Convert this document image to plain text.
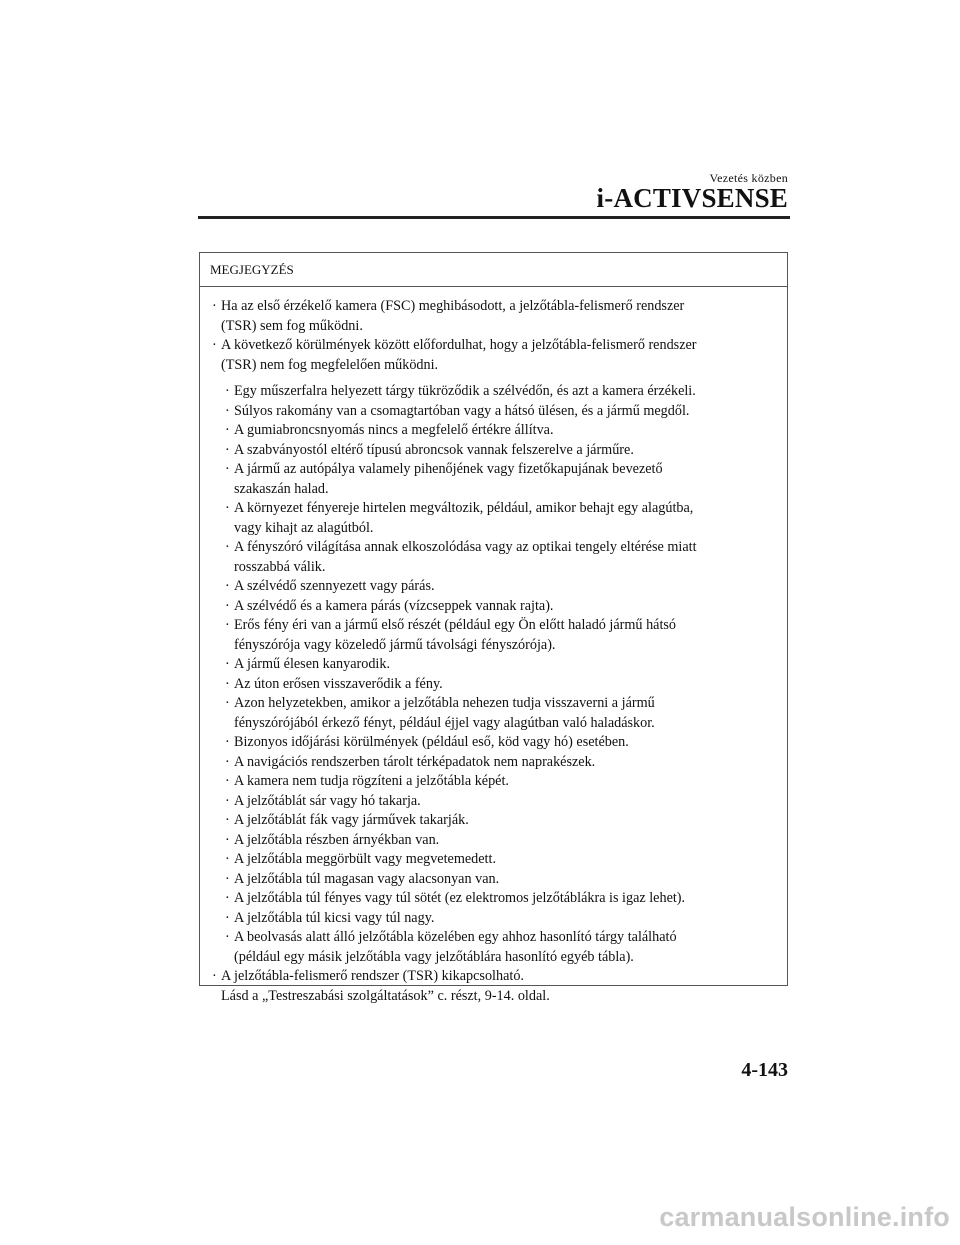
Vezetés közben
i-ACTIVSENSE
MEGJEGYZÉS
· Ha az első érzékelő kamera (FSC) meghibásodott, a jelzőtábla-felismerő rendszer
(TSR) sem fog működni.
· A következő körülmények között előfordulhat, hogy a jelzőtábla-felismerő rendszer
(TSR) nem fog megfelelően működni.
· Egy műszerfalra helyezett tárgy tükröződik a szélvédőn, és azt a kamera érzékeli.
· Súlyos rakomány van a csomagtartóban vagy a hátsó ülésen, és a jármű megdől.
· A gumiabroncsnyomás nincs a megfelelő értékre állítva.
· A szabványostól eltérő típusú abroncsok vannak felszerelve a járműre.
· A jármű az autópálya valamely pihenőjének vagy fizetőkapujának bevezető
szakaszán halad.
· A környezet fényereje hirtelen megváltozik, például, amikor behajt egy alagútba,
vagy kihajt az alagútból.
· A fényszóró világítása annak elkoszolódása vagy az optikai tengely eltérése miatt
rosszabbá válik.
· A szélvédő szennyezett vagy párás.
· A szélvédő és a kamera párás (vízcseppek vannak rajta).
· Erős fény éri van a jármű első részét (például egy Ön előtt haladó jármű hátsó
fényszórója vagy közeledő jármű távolsági fényszórója).
· A jármű élesen kanyarodik.
· Az úton erősen visszaverődik a fény.
· Azon helyzetekben, amikor a jelzőtábla nehezen tudja visszaverni a jármű
fényszórójából érkező fényt, például éjjel vagy alagútban való haladáskor.
· Bizonyos időjárási körülmények (például eső, köd vagy hó) esetében.
· A navigációs rendszerben tárolt térképadatok nem naprakészek.
· A kamera nem tudja rögzíteni a jelzőtábla képét.
· A jelzőtáblát sár vagy hó takarja.
· A jelzőtáblát fák vagy járművek takarják.
· A jelzőtábla részben árnyékban van.
· A jelzőtábla meggörbült vagy megvetemedett.
· A jelzőtábla túl magasan vagy alacsonyan van.
· A jelzőtábla túl fényes vagy túl sötét (ez elektromos jelzőtáblákra is igaz lehet).
· A jelzőtábla túl kicsi vagy túl nagy.
· A beolvasás alatt álló jelzőtábla közelében egy ahhoz hasonlító tárgy található
(például egy másik jelzőtábla vagy jelzőtáblára hasonlító egyéb tábla).
· A jelzőtábla-felismerő rendszer (TSR) kikapcsolható.
Lásd a „Testreszabási szolgáltatások” c. részt, 9-14. oldal.
4-143
carmanualsonline.info
